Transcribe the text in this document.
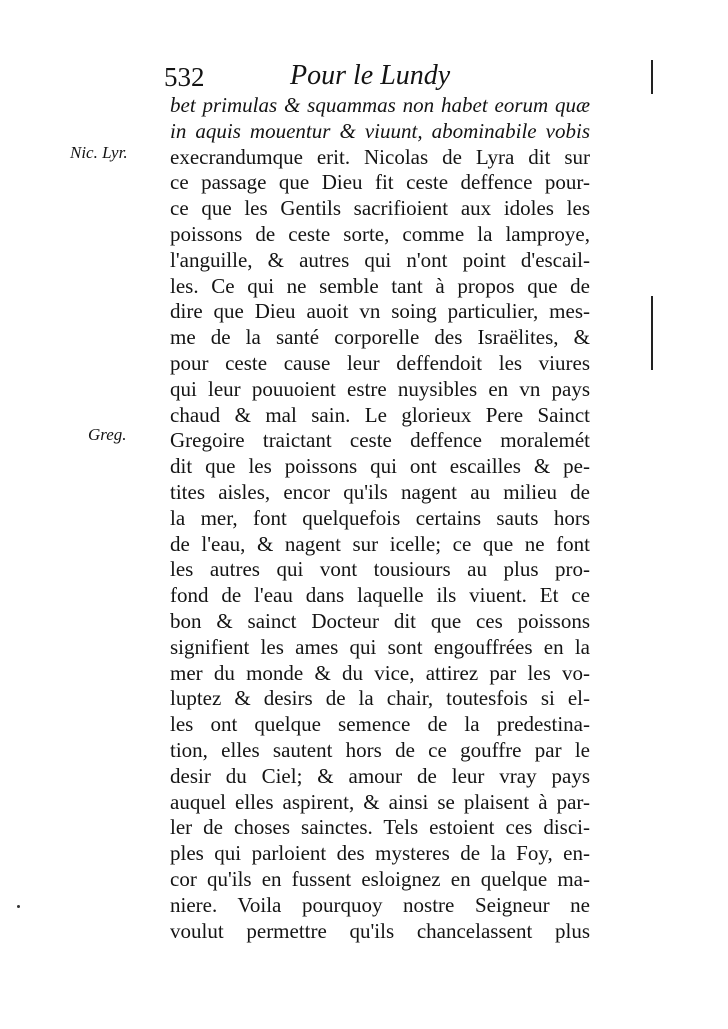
532	Pour le Lundy
Nic. Lyr.
Greg.
bet primulas & squammas non habet eorum quæ
in aquis mouentur & viuunt, abominabile vobis
execrandumque erit. Nicolas de Lyra dit sur
ce passage que Dieu fit ceste deffence pour-
ce que les Gentils sacrifioient aux idoles les
poissons de ceste sorte, comme la lamproye,
l'anguille, & autres qui n'ont point d'escail-
les. Ce qui ne semble tant à propos que de
dire que Dieu auoit vn soing particulier, mes-
me de la santé corporelle des Israëlites, &
pour ceste cause leur deffendoit les viures
qui leur pouuoient estre nuysibles en vn pays
chaud & mal sain. Le glorieux Pere Sainct
Gregoire traictant ceste deffence moralemét
dit que les poissons qui ont escailles & pe-
tites aisles, encor qu'ils nagent au milieu de
la mer, font quelquefois certains sauts hors
de l'eau, & nagent sur icelle; ce que ne font
les autres qui vont tousiours au plus pro-
fond de l'eau dans laquelle ils viuent. Et ce
bon & sainct Docteur dit que ces poissons
signifient les ames qui sont engouffrées en la
mer du monde & du vice, attirez par les vo-
luptez & desirs de la chair, toutesfois si el-
les ont quelque semence de la predestina-
tion, elles sautent hors de ce gouffre par le
desir du Ciel; & amour de leur vray pays
auquel elles aspirent, & ainsi se plaisent à par-
ler de choses sainctes. Tels estoient ces disci-
ples qui parloient des mysteres de la Foy, en-
cor qu'ils en fussent esloignez en quelque ma-
niere. Voila pourquoy nostre Seigneur ne
voulut permettre qu'ils chancelassent plus
